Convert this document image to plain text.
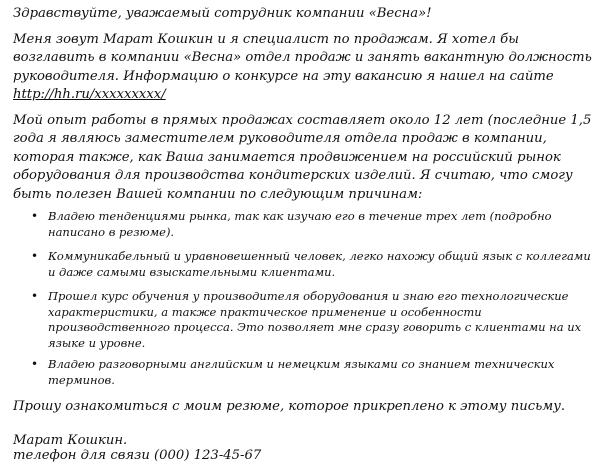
Здравствуйте, уважаемый сотрудник компании «Весна»!

Меня зовут Марат Кошкин и я специалист по продажам. Я хотел бы возглавить в компании «Весна» отдел продаж и занять вакантную должность руководителя. Информацию о конкурсе на эту вакансию я нашел на сайте
http://hh.ru/xxxxxxxxx/

Мой опыт работы в прямых продажах составляет около 12 лет (последние 1,5 года я являюсь заместителем руководителя отдела продаж в компании, которая также, как Ваша занимается продвижением на российский рынок оборудования для производства кондитерских изделий. Я считаю, что смогу быть полезен Вашей компании по следующим причинам:

• Владею тенденциями рынка, так как изучаю его в течение трех лет (подробно написано в резюме).
• Коммуникабельный и уравновешенный человек, легко нахожу общий язык с коллегами и даже самыми взыскательными клиентами.
• Прошел курс обучения у производителя оборудования и знаю его технологические характеристики, а также практическое применение и особенности производственного процесса. Это позволяет мне сразу говорить с клиентами на их языке и уровне.
• Владею разговорными английским и немецким языками со знанием технических терминов.

Прошу ознакомиться с моим резюме, которое прикреплено к этому письму.

Марат Кошкин.

телефон для связи (000) 123-45-67
